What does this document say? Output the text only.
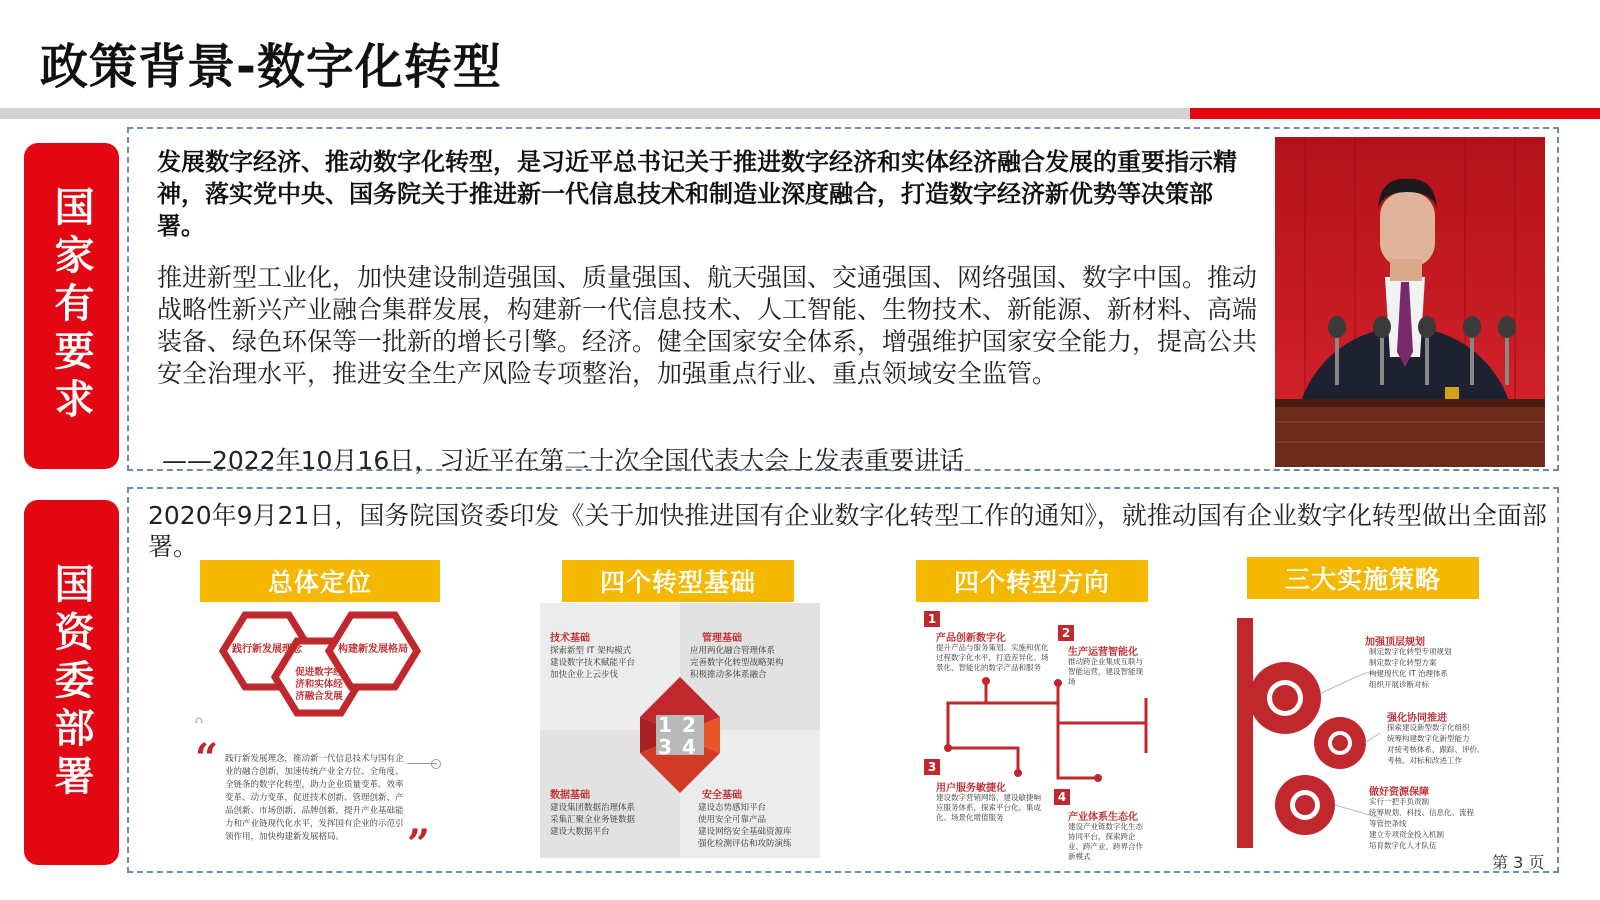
政策背景-数字化转型
国家有要求
国资委部署
发展数字经济、推动数字化转型，是习近平总书记关于推进数字经济和实体经济融合发展的重要指示精神，落实党中央、国务院关于推进新一代信息技术和制造业深度融合，打造数字经济新优势等决策部署。
推进新型工业化，加快建设制造强国、质量强国、航天强国、交通强国、网络强国、数字中国。推动战略性新兴产业融合集群发展，构建新一代信息技术、人工智能、生物技术、新能源、新材料、高端装备、绿色环保等一批新的增长引擎。经济。健全国家安全体系，增强维护国家安全能力，提高公共安全治理水平，推进安全生产风险专项整治，加强重点行业、重点领域安全监管。
——2022年10月16日，习近平在第二十次全国代表大会上发表重要讲话
2020年9月21日，国务院国资委印发《关于加快推进国有企业数字化转型工作的通知》，就推动国有企业数字化转型做出全面部署。
总体定位	四个转型基础	四个转型方向	三大实施策略
践行新发展理念
促进数字经济和实体经济融合发展
构建新发展格局
“ 践行新发展理念，推动新一代信息技术与国有企业的融合创新，加速传统产业全方位、全角度、全链条的数字化转型，助力企业质量变革、效率变革、动力变革，促进技术创新、管理创新、产品创新、市场创新、品牌创新，提升产业基础能力和产业链现代化水平，发挥国有企业的示范引领作用，加快构建新发展格局。	”
技术基础
探索新型 IT 架构模式
建设数字技术赋能平台
加快企业上云步伐
管理基础
应用两化融合管理体系
完善数字化转型战略架构
积极推动多体系融合
1 2
3 4
数据基础
建设集团数据治理体系
采集汇聚全业务链数据
建设大数据平台
安全基础
建设态势感知平台
使用安全可靠产品
建设网络安全基础资源库
强化检测评估和攻防演练
1
产品创新数字化
提升产品与服务策划、实施和优化过程数字化水平，打造差异化、场景化、智能化的数字产品和服务
2
生产运营智能化
推动跨企业集成互联与智能运营，建设智能现场
3
用户服务敏捷化
建设数字营销网络，建设敏捷响应服务体系，探索平台化、集成化、场景化增值服务
4
产业体系生态化
建设产业链数字化生态协同平台，探索跨企业、跨产业、跨界合作新模式
加强顶层规划
制定数字化转型专项规划
制定数字化转型方案
构建现代化 IT 治理体系
组织开展诊断对标
强化协同推进
探索建设新型数字化组织
统筹构建数字化新型能力
对接考核体系，跟踪、评价、考核、对标和改进工作
做好资源保障
实行一把手负责制
统筹规划、科技、信息化、流程等管控条线
建立专项资金投入机制
培育数字化人才队伍
第 3 页
